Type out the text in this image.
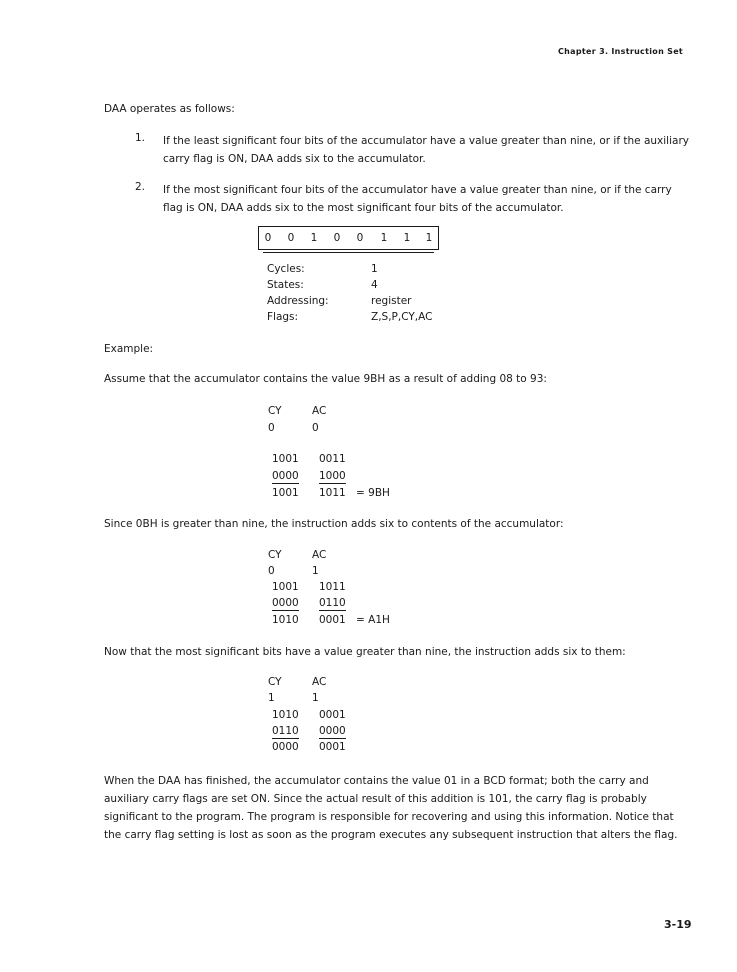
Chapter 3. Instruction Set
DAA operates as follows:
1. If the least significant four bits of the accumulator have a value greater than nine, or if the auxiliary carry flag is ON, DAA adds six to the accumulator.
2. If the most significant four bits of the accumulator have a value greater than nine, or if the carry flag is ON, DAA adds six to the most significant four bits of the accumulator.
0 0 1 0 0 1 1 1
Cycles:	1
States:	4
Addressing:	register
Flags:	Z,S,P,CY,AC
Example:
Assume that the accumulator contains the value 9BH as a result of adding 08 to 93:
CY	AC
0	0
1001 0011
0000 1000
1001 1011 = 9BH
Since 0BH is greater than nine, the instruction adds six to contents of the accumulator:
CY	AC
0	1
1001 1011
0000 0110
1010 0001 = A1H
Now that the most significant bits have a value greater than nine, the instruction adds six to them:
CY	AC
1	1
1010 0001
0110 0000
0000 0001
When the DAA has finished, the accumulator contains the value 01 in a BCD format; both the carry and auxiliary carry flags are set ON. Since the actual result of this addition is 101, the carry flag is probably significant to the program. The program is responsible for recovering and using this information. Notice that the carry flag setting is lost as soon as the program executes any subsequent instruction that alters the flag.
3-19
